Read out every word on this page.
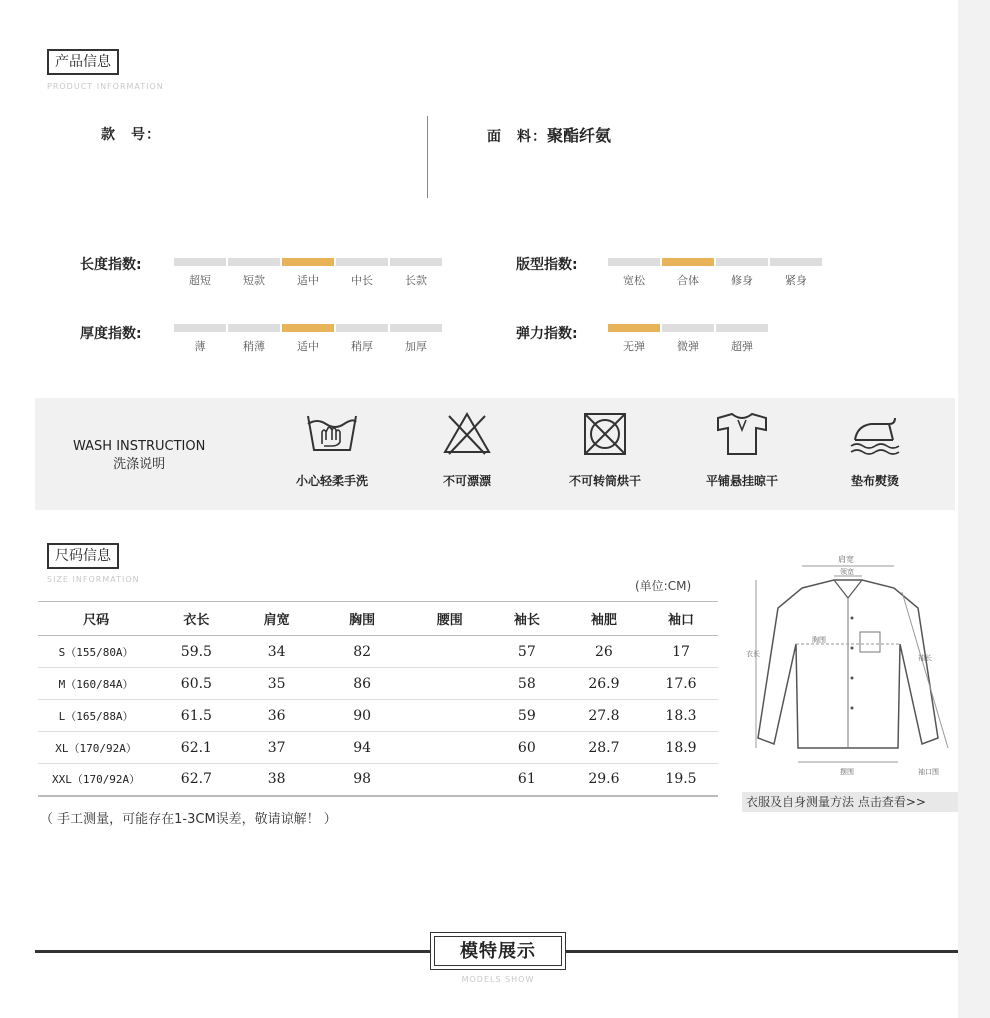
产品信息
PRODUCT INFORMATION
款　号：	面　料： 聚酯纤氨
长度指数:
超短	短款	适中	中长	长款
版型指数:
宽松	合体	修身	紧身
厚度指数:
薄	稍薄	适中	稍厚	加厚
弹力指数:
无弹	微弹	超弹
WASH INSTRUCTION
洗涤说明
小心轻柔手洗	不可漂漂	不可转筒烘干	平铺悬挂晾干	垫布熨烫
尺码信息
SIZE INFORMATION	(单位:CM)
尺码	衣长	肩宽	胸围	腰围	袖长	袖肥	袖口
S（155/80A）	59.5	34	82		57	26	17
M（160/84A）	60.5	35	86		58	26.9	17.6
L（165/88A）	61.5	36	90		59	27.8	18.3
XL（170/92A）	62.1	37	94		60	28.7	18.9
XXL（170/92A）	62.7	38	98		61	29.6	19.5
（ 手工测量，可能存在1-3CM误差，敬请谅解！ ）
肩宽
领宽
胸围
衣长	袖长
摆围	袖口围
衣服及自身测量方法 点击查看>>
模特展示
MODELS SHOW
